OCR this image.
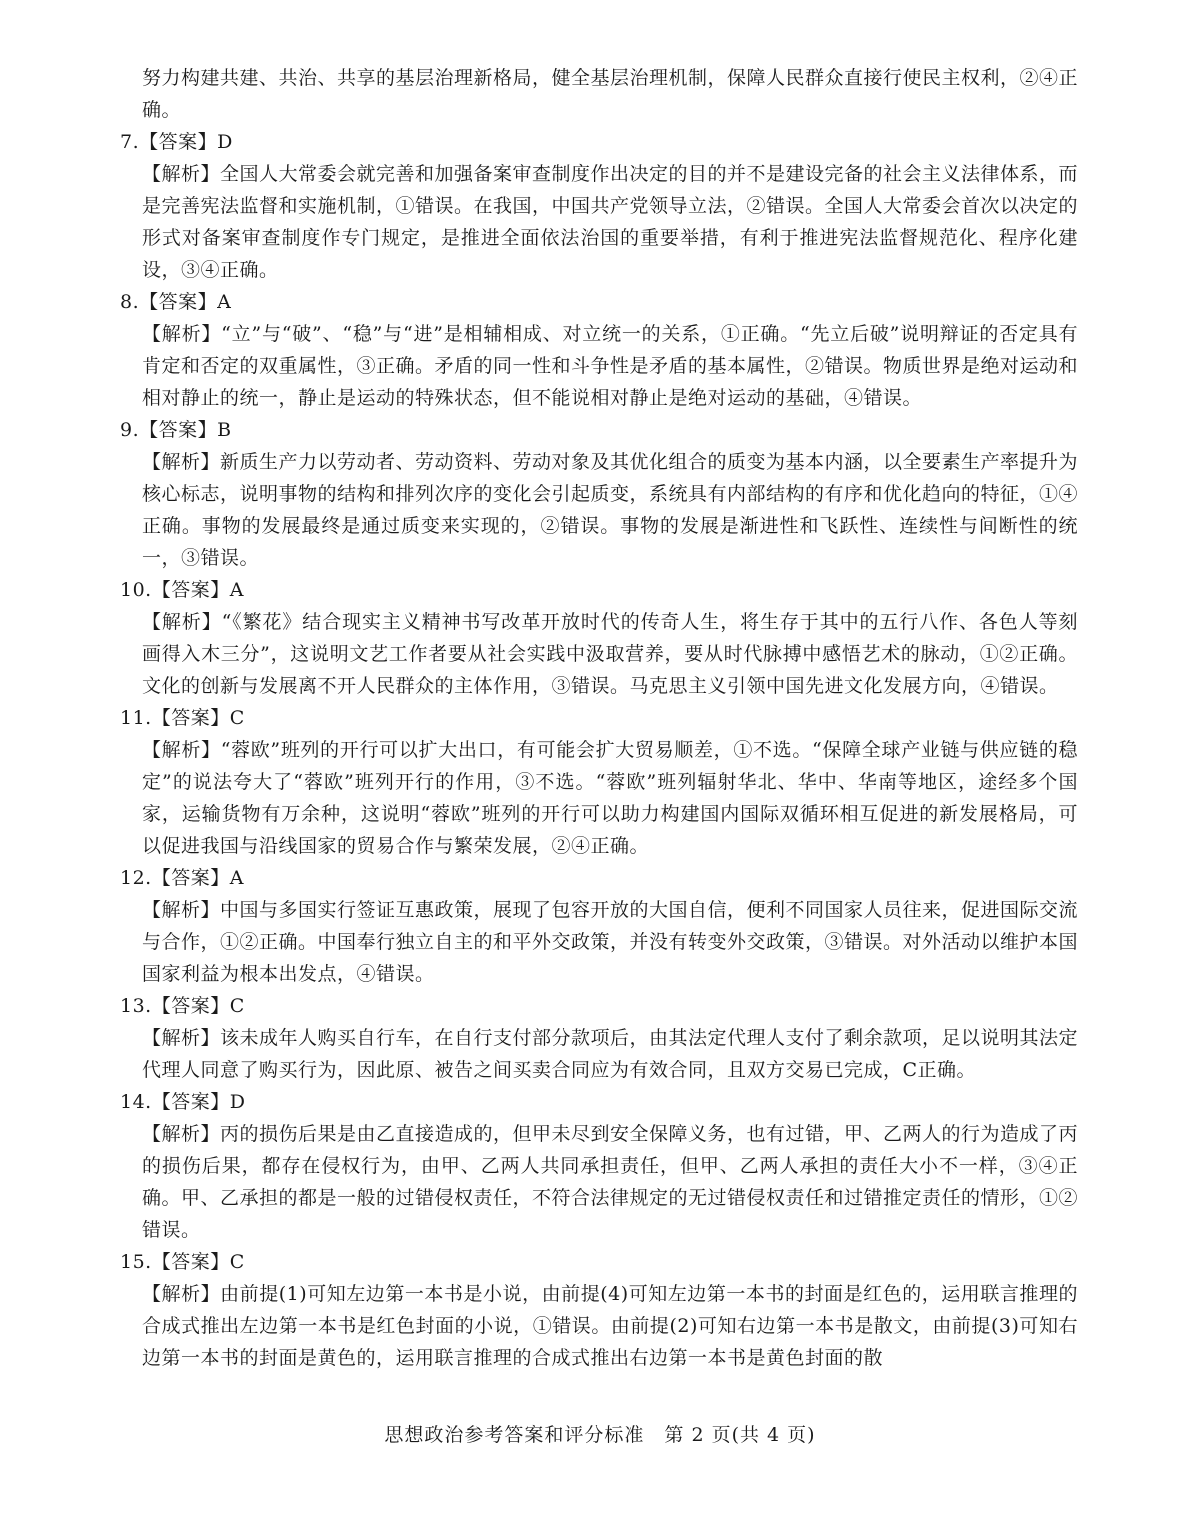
努力构建共建、共治、共享的基层治理新格局，健全基层治理机制，保障人民群众直接行使民主权利，②④正确。

7.【答案】D

【解析】全国人大常委会就完善和加强备案审查制度作出决定的目的并不是建设完备的社会主义法律体系，而是完善宪法监督和实施机制，①错误。在我国，中国共产党领导立法，②错误。全国人大常委会首次以决定的形式对备案审查制度作专门规定，是推进全面依法治国的重要举措，有利于推进宪法监督规范化、程序化建设，③④正确。

8.【答案】A

【解析】“立”与“破”、“稳”与“进”是相辅相成、对立统一的关系，①正确。“先立后破”说明辩证的否定具有肯定和否定的双重属性，③正确。矛盾的同一性和斗争性是矛盾的基本属性，②错误。物质世界是绝对运动和相对静止的统一，静止是运动的特殊状态，但不能说相对静止是绝对运动的基础，④错误。

9.【答案】B

【解析】新质生产力以劳动者、劳动资料、劳动对象及其优化组合的质变为基本内涵，以全要素生产率提升为核心标志，说明事物的结构和排列次序的变化会引起质变，系统具有内部结构的有序和优化趋向的特征，①④正确。事物的发展最终是通过质变来实现的，②错误。事物的发展是渐进性和飞跃性、连续性与间断性的统一，③错误。

10.【答案】A

【解析】“《繁花》结合现实主义精神书写改革开放时代的传奇人生，将生存于其中的五行八作、各色人等刻画得入木三分”，这说明文艺工作者要从社会实践中汲取营养，要从时代脉搏中感悟艺术的脉动，①②正确。文化的创新与发展离不开人民群众的主体作用，③错误。马克思主义引领中国先进文化发展方向，④错误。

11.【答案】C

【解析】“蓉欧”班列的开行可以扩大出口，有可能会扩大贸易顺差，①不选。“保障全球产业链与供应链的稳定”的说法夸大了“蓉欧”班列开行的作用，③不选。“蓉欧”班列辐射华北、华中、华南等地区，途经多个国家，运输货物有万余种，这说明“蓉欧”班列的开行可以助力构建国内国际双循环相互促进的新发展格局，可以促进我国与沿线国家的贸易合作与繁荣发展，②④正确。

12.【答案】A

【解析】中国与多国实行签证互惠政策，展现了包容开放的大国自信，便利不同国家人员往来，促进国际交流与合作，①②正确。中国奉行独立自主的和平外交政策，并没有转变外交政策，③错误。对外活动以维护本国国家利益为根本出发点，④错误。

13.【答案】C

【解析】该未成年人购买自行车，在自行支付部分款项后，由其法定代理人支付了剩余款项，足以说明其法定代理人同意了购买行为，因此原、被告之间买卖合同应为有效合同，且双方交易已完成，C正确。

14.【答案】D

【解析】丙的损伤后果是由乙直接造成的，但甲未尽到安全保障义务，也有过错，甲、乙两人的行为造成了丙的损伤后果，都存在侵权行为，由甲、乙两人共同承担责任，但甲、乙两人承担的责任大小不一样，③④正确。甲、乙承担的都是一般的过错侵权责任，不符合法律规定的无过错侵权责任和过错推定责任的情形，①②错误。

15.【答案】C

【解析】由前提(1)可知左边第一本书是小说，由前提(4)可知左边第一本书的封面是红色的，运用联言推理的合成式推出左边第一本书是红色封面的小说，①错误。由前提(2)可知右边第一本书是散文，由前提(3)可知右边第一本书的封面是黄色的，运用联言推理的合成式推出右边第一本书是黄色封面的散

思想政治参考答案和评分标准　第 2 页(共 4 页)
